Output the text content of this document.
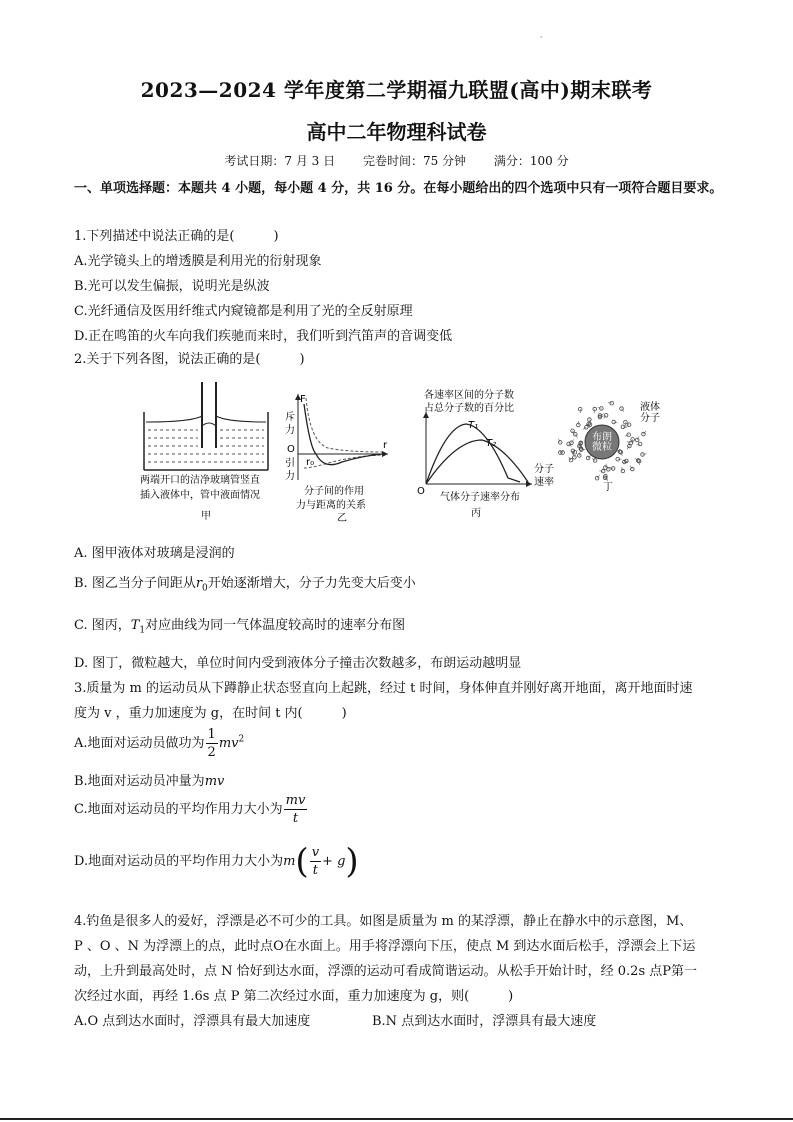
,
2023—2024 学年度第二学期福九联盟(高中)期末联考
高中二年物理科试卷
考试日期：7 月 3 日 完卷时间：75 分钟 满分：100 分
一、单项选择题：本题共 4 小题，每小题 4 分，共 16 分。在每小题给出的四个选项中只有一项符合题目要求。
1.下列描述中说法正确的是(　　　)
A.光学镜头上的增透膜是利用光的衍射现象
B.光可以发生偏振，说明光是纵波
C.光纤通信及医用纤维式内窥镜都是利用了光的全反射原理
D.正在鸣笛的火车向我们疾驰而来时，我们听到汽笛声的音调变低
2.关于下列各图，说法正确的是(　　　)
两端开口的洁净玻璃管竖直
插入液体中，管中液面情况
甲
F
斥
力
引
力
O	r
r₀
分子间的作用
力与距离的关系
乙
各速率区间的分子数
占总分子数的百分比
T₁
T₂
O
分子
速率
气体分子速率分布
丙
布朗
微粒
液体
分子
丁
A. 图甲液体对玻璃是浸润的
B. 图乙当分子间距从$r_0$开始逐渐增大，分子力先变大后变小
C. 图丙，$T_1$对应曲线为同一气体温度较高时的速率分布图
D. 图丁，微粒越大，单位时间内受到液体分子撞击次数越多，布朗运动越明显
3.质量为 m 的运动员从下蹲静止状态竖直向上起跳，经过 t 时间，身体伸直并刚好离开地面，离开地面时速
度为 v ，重力加速度为 g，在时间 t 内(　　　)
A.地面对运动员做功为 $\frac{1}{2} mv^2$
B.地面对运动员冲量为mv
C.地面对运动员的平均作用力大小为 $\frac{mv}{t}$
D.地面对运动员的平均作用力大小为$m( \frac{v}{t} + g)$
4.钓鱼是很多人的爱好，浮漂是必不可少的工具。如图是质量为 m 的某浮漂，静止在静水中的示意图，M、
P 、O 、N 为浮漂上的点，此时点O在水面上。用手将浮漂向下压，使点 M 到达水面后松手，浮漂会上下运
动，上升到最高处时，点 N 恰好到达水面，浮漂的运动可看成简谐运动。从松手开始计时，经 0.2s 点P第一
次经过水面，再经 1.6s 点 P 第二次经过水面，重力加速度为 g，则(　　　)
A.O 点到达水面时，浮漂具有最大加速度	B.N 点到达水面时，浮漂具有最大速度
